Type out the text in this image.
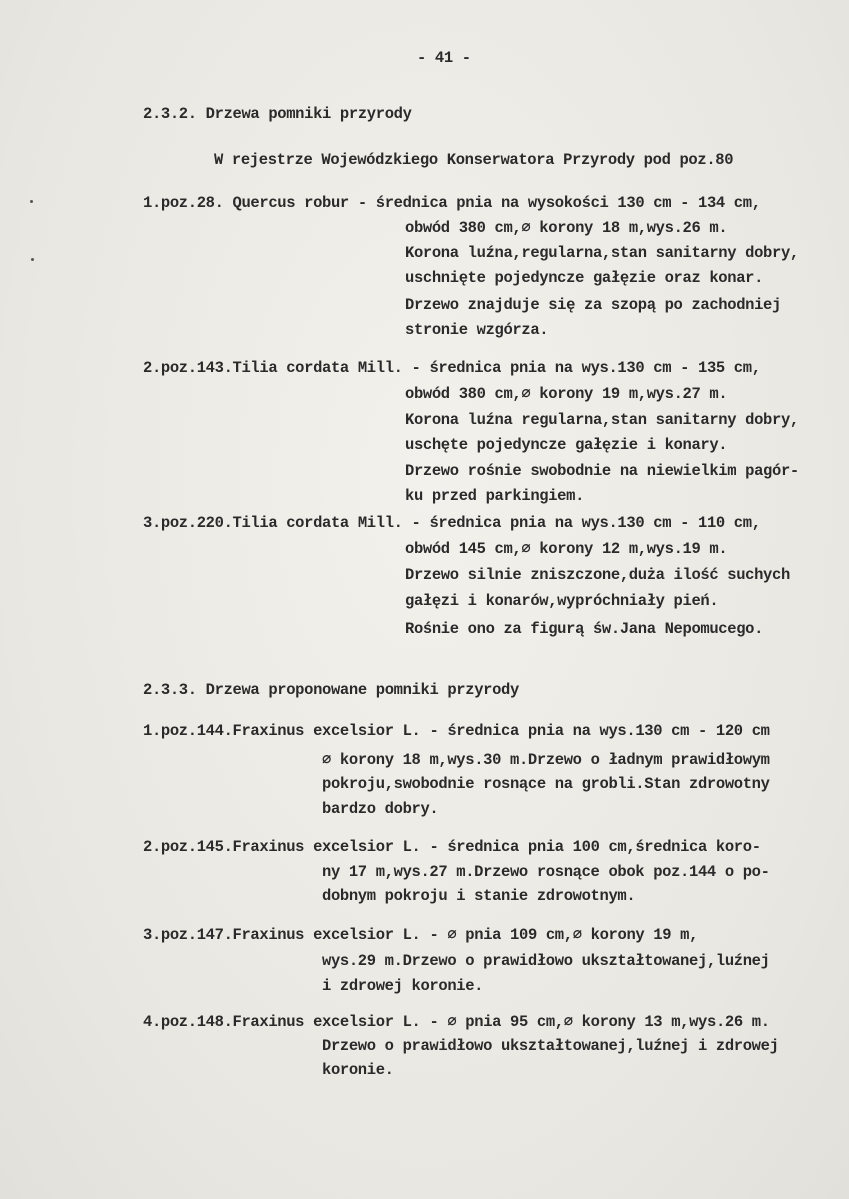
- 41 -
2.3.2. Drzewa pomniki przyrody
W rejestrze Wojewódzkiego Konserwatora Przyrody pod poz.80
1.poz.28. Quercus robur - średnica pnia na wysokości 130 cm - 134 cm,
obwód 380 cm,∅ korony 18 m,wys.26 m.
Korona luźna,regularna,stan sanitarny dobry,
uschnięte pojedyncze gałęzie oraz konar.
Drzewo znajduje się za szopą po zachodniej
stronie wzgórza.
2.poz.143.Tilia cordata Mill. - średnica pnia na wys.130 cm - 135 cm,
obwód 380 cm,∅ korony 19 m,wys.27 m.
Korona luźna regularna,stan sanitarny dobry,
uschęte pojedyncze gałęzie i konary.
Drzewo rośnie swobodnie na niewielkim pagór-
ku przed parkingiem.
3.poz.220.Tilia cordata Mill. - średnica pnia na wys.130 cm - 110 cm,
obwód 145 cm,∅ korony 12 m,wys.19 m.
Drzewo silnie zniszczone,duża ilość suchych
gałęzi i konarów,wypróchniały pień.
Rośnie ono za figurą św.Jana Nepomucego.
2.3.3. Drzewa proponowane pomniki przyrody
1.poz.144.Fraxinus excelsior L. - średnica pnia na wys.130 cm - 120 cm
∅ korony 18 m,wys.30 m.Drzewo o ładnym prawidłowym
pokroju,swobodnie rosnące na grobli.Stan zdrowotny
bardzo dobry.
2.poz.145.Fraxinus excelsior L. - średnica pnia 100 cm,średnica koro-
ny 17 m,wys.27 m.Drzewo rosnące obok poz.144 o po-
dobnym pokroju i stanie zdrowotnym.
3.poz.147.Fraxinus excelsior L. - ∅ pnia 109 cm,∅ korony 19 m,
wys.29 m.Drzewo o prawidłowo ukształtowanej,luźnej
i zdrowej koronie.
4.poz.148.Fraxinus excelsior L. - ∅ pnia 95 cm,∅ korony 13 m,wys.26 m.
Drzewo o prawidłowo ukształtowanej,luźnej i zdrowej
koronie.
